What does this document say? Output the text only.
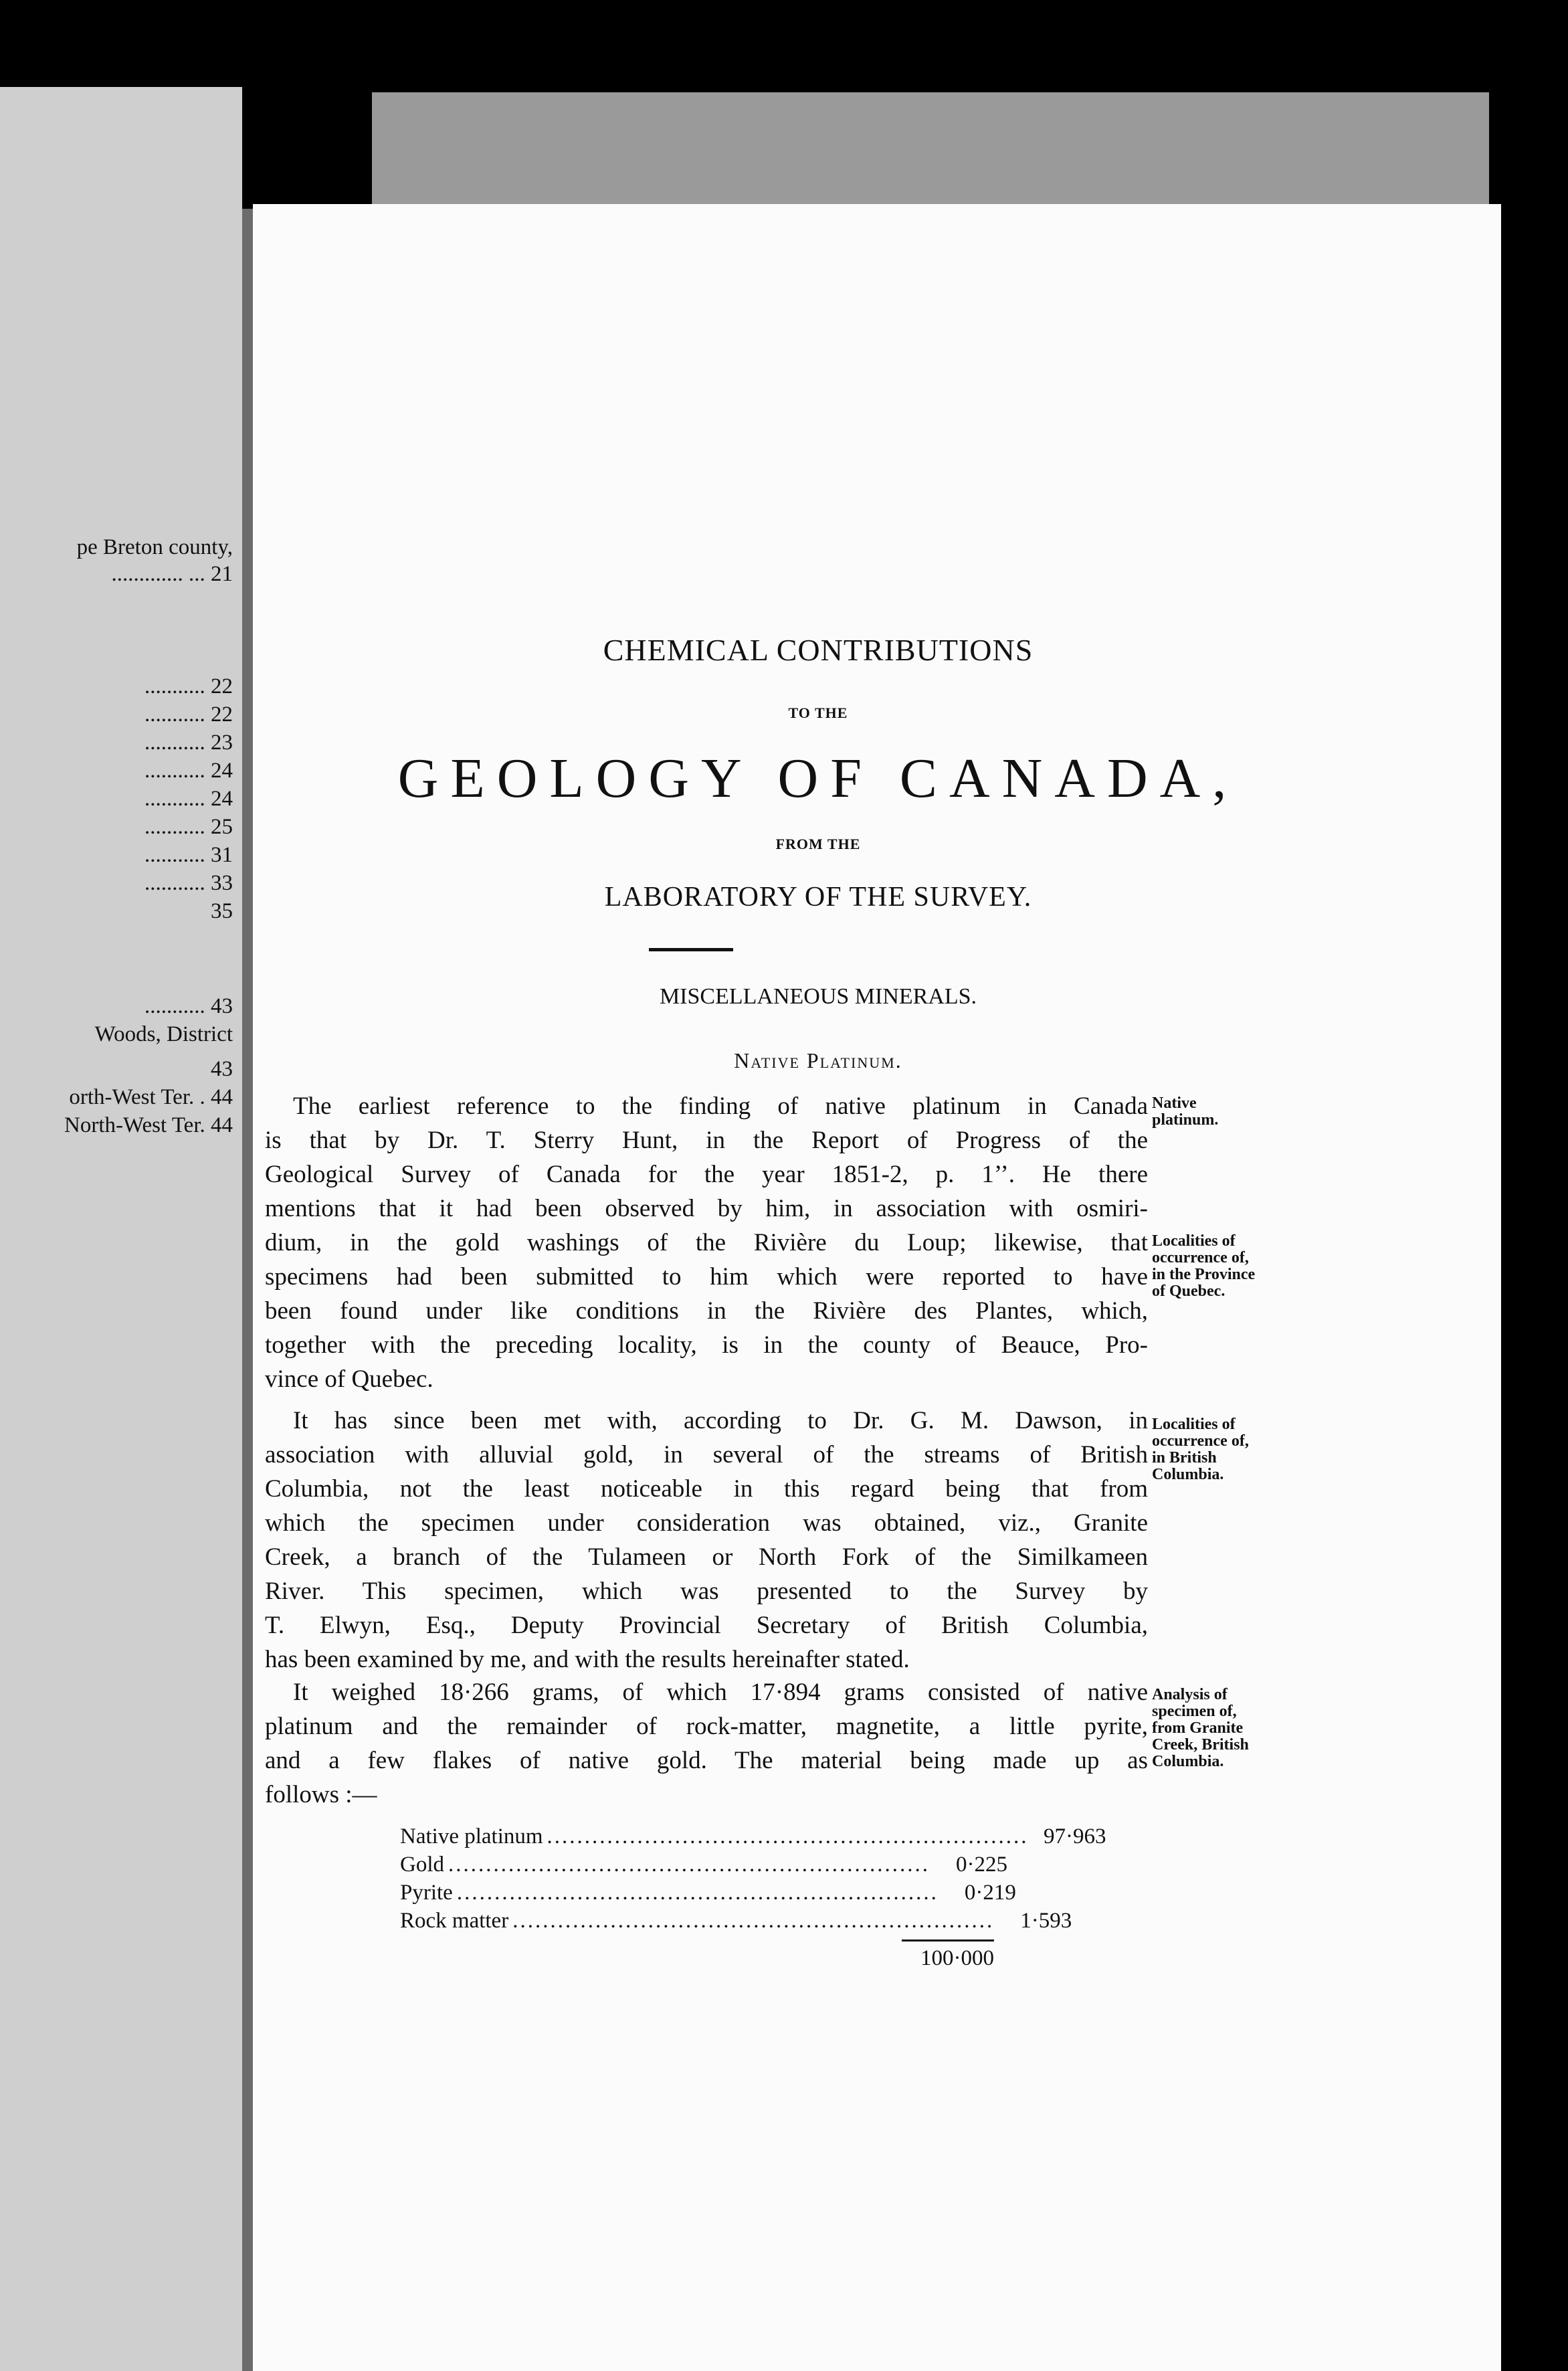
pe Breton county,
............. ... 21
........... 22
........... 22
........... 23
........... 24
........... 24
........... 25
........... 31
........... 33
35
........... 43
Woods, District
43
orth-West Ter. . 44
North-West Ter. 44
CHEMICAL CONTRIBUTIONS
TO THE
GEOLOGY OF CANADA,
FROM THE
LABORATORY OF THE SURVEY.
MISCELLANEOUS MINERALS.
Native Platinum.
The earliest reference to the finding of native platinum in Canada
is that by Dr. T. Sterry Hunt, in the Report of Progress of the
Geological Survey of Canada for the year 1851-2, p. 1’’. He there
mentions that it had been observed by him, in association with osmiri-
dium, in the gold washings of the Rivière du Loup; likewise, that
specimens had been submitted to him which were reported to have
been found under like conditions in the Rivière des Plantes, which,
together with the preceding locality, is in the county of Beauce, Pro-
vince of Quebec.
Native
platinum.
Localities of
occurrence of,
in the Province
of Quebec.
It has since been met with, according to Dr. G. M. Dawson, in
association with alluvial gold, in several of the streams of British
Columbia, not the least noticeable in this regard being that from
which the specimen under consideration was obtained, viz., Granite
Creek, a branch of the Tulameen or North Fork of the Similkameen
River. This specimen, which was presented to the Survey by
T. Elwyn, Esq., Deputy Provincial Secretary of British Columbia,
has been examined by me, and with the results hereinafter stated.
Localities of
occurrence of,
in British
Columbia.
It weighed 18·266 grams, of which 17·894 grams consisted of native
platinum and the remainder of rock-matter, magnetite, a little pyrite,
and a few flakes of native gold. The material being made up as
follows :—
Analysis of
specimen of,
from Granite
Creek, British
Columbia.
Native platinum ................................................................ 97·963
Gold ................................................................	0·225
Pyrite ................................................................	0·219
Rock matter ................................................................	1·593
100·000
